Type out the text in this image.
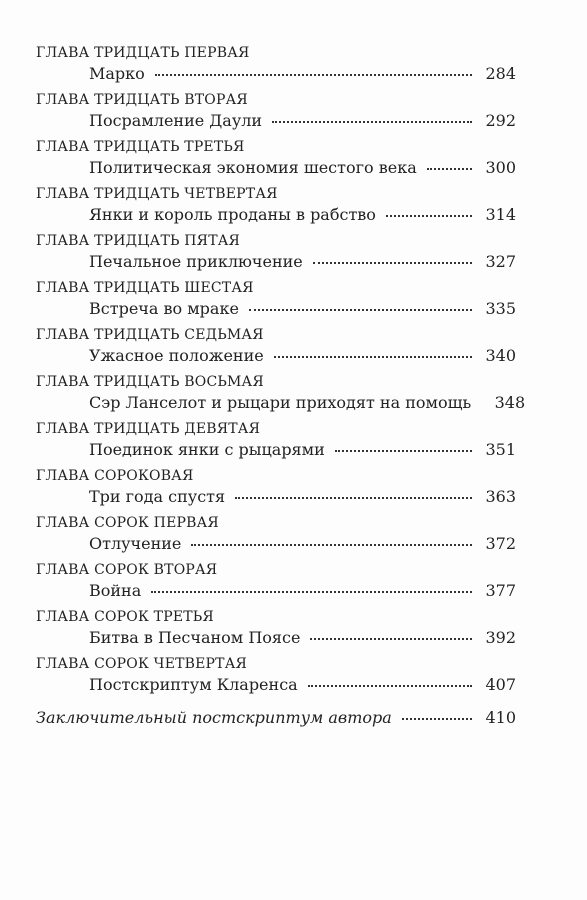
ГЛАВА ТРИДЦАТЬ ПЕРВАЯ
Марко	284
ГЛАВА ТРИДЦАТЬ ВТОРАЯ
Посрамление Даули	292
ГЛАВА ТРИДЦАТЬ ТРЕТЬЯ
Политическая экономия шестого века	300
ГЛАВА ТРИДЦАТЬ ЧЕТВЕРТАЯ
Янки и король проданы в рабство	314
ГЛАВА ТРИДЦАТЬ ПЯТАЯ
Печальное приключение	327
ГЛАВА ТРИДЦАТЬ ШЕСТАЯ
Встреча во мраке	335
ГЛАВА ТРИДЦАТЬ СЕДЬМАЯ
Ужасное положение	340
ГЛАВА ТРИДЦАТЬ ВОСЬМАЯ
Сэр Ланселот и рыцари приходят на помощь 348
ГЛАВА ТРИДЦАТЬ ДЕВЯТАЯ
Поединок янки с рыцарями	351
ГЛАВА СОРОКОВАЯ
Три года спустя	363
ГЛАВА СОРОК ПЕРВАЯ
Отлучение	372
ГЛАВА СОРОК ВТОРАЯ
Война	377
ГЛАВА СОРОК ТРЕТЬЯ
Битва в Песчаном Поясе	392
ГЛАВА СОРОК ЧЕТВЕРТАЯ
Постскриптум Кларенса	407
Заключительный постскриптум автора	410
